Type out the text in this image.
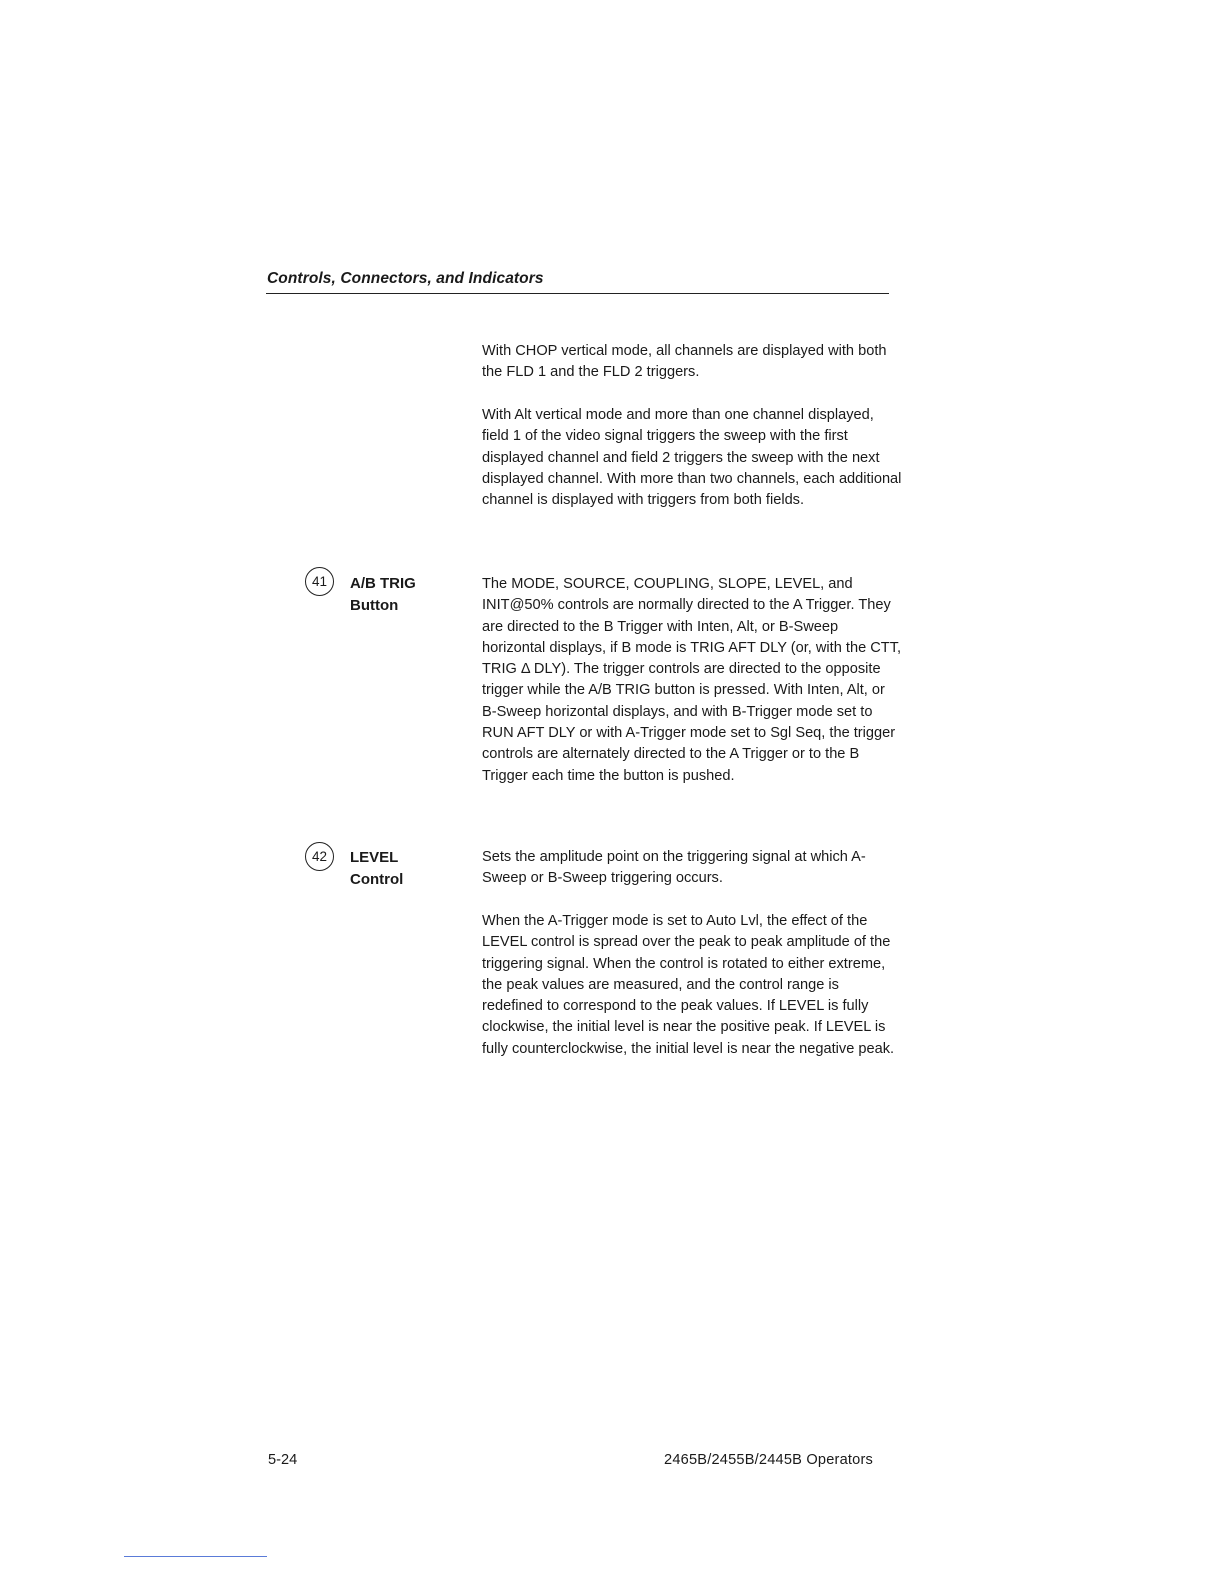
Controls, Connectors, and Indicators

With CHOP vertical mode, all channels are displayed with both the FLD 1 and the FLD 2 triggers.

With Alt vertical mode and more than one channel displayed, field 1 of the video signal triggers the sweep with the first displayed channel and field 2 triggers the sweep with the next displayed channel. With more than two channels, each additional channel is displayed with triggers from both fields.

41	A/B TRIG
Button

The MODE, SOURCE, COUPLING, SLOPE, LEVEL, and INIT@50% controls are normally directed to the A Trigger. They are directed to the B Trigger with Inten, Alt, or B-Sweep horizontal displays, if B mode is TRIG AFT DLY (or, with the CTT, TRIG Δ DLY). The trigger controls are directed to the opposite trigger while the A/B TRIG button is pressed. With Inten, Alt, or B-Sweep horizontal displays, and with B-Trigger mode set to RUN AFT DLY or with A-Trigger mode set to Sgl Seq, the trigger controls are alternately directed to the A Trigger or to the B Trigger each time the button is pushed.

42	LEVEL
Control

Sets the amplitude point on the triggering signal at which A-Sweep or B-Sweep triggering occurs.

When the A-Trigger mode is set to Auto Lvl, the effect of the LEVEL control is spread over the peak to peak amplitude of the triggering signal. When the control is rotated to either extreme, the peak values are measured, and the control range is redefined to correspond to the peak values. If LEVEL is fully clockwise, the initial level is near the positive peak. If LEVEL is fully counterclockwise, the initial level is near the negative peak.

5-24	2465B/2455B/2445B Operators
